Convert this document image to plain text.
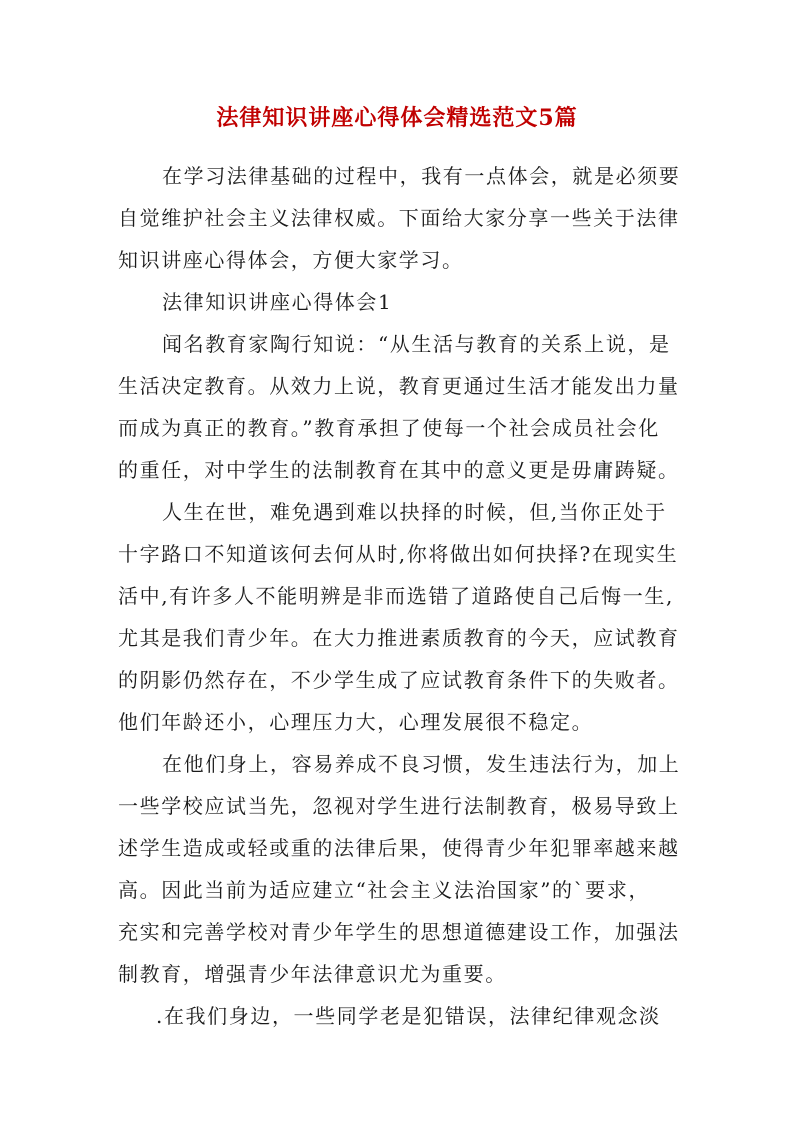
法律知识讲座心得体会精选范文5篇
在学习法律基础的过程中，我有一点体会，就是必须要
自觉维护社会主义法律权威。下面给大家分享一些关于法律
知识讲座心得体会，方便大家学习。
法律知识讲座心得体会1
闻名教育家陶行知说：“从生活与教育的关系上说，是
生活决定教育。从效力上说，教育更通过生活才能发出力量
而成为真正的教育。”教育承担了使每一个社会成员社会化
的重任，对中学生的法制教育在其中的意义更是毋庸踌疑。
人生在世，难免遇到难以抉择的时候，但,当你正处于
十字路口不知道该何去何从时,你将做出如何抉择?在现实生
活中,有许多人不能明辨是非而选错了道路使自己后悔一生,
尤其是我们青少年。在大力推进素质教育的今天，应试教育
的阴影仍然存在，不少学生成了应试教育条件下的失败者。
他们年龄还小，心理压力大，心理发展很不稳定。
在他们身上，容易养成不良习惯，发生违法行为，加上
一些学校应试当先，忽视对学生进行法制教育，极易导致上
述学生造成或轻或重的法律后果，使得青少年犯罪率越来越
高。因此当前为适应建立“社会主义法治国家”的`要求，
充实和完善学校对青少年学生的思想道德建设工作，加强法
制教育，增强青少年法律意识尤为重要。
.在我们身边，一些同学老是犯错误，法律纪律观念淡
